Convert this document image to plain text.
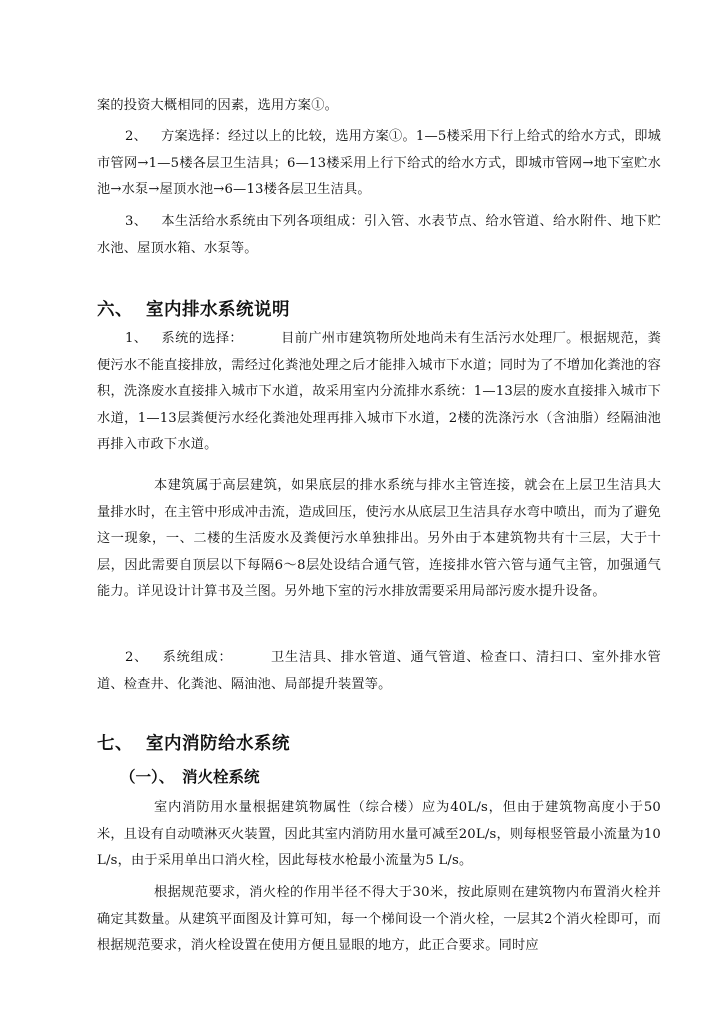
案的投资大概相同的因素，选用方案①。

2、 方案选择：经过以上的比较，选用方案①。1—5楼采用下行上给式的给水方式，即城市管网→1—5楼各层卫生洁具；6—13楼采用上行下给式的给水方式，即城市管网→地下室贮水池→水泵→屋顶水池→6—13楼各层卫生洁具。

3、 本生活给水系统由下列各项组成：引入管、水表节点、给水管道、给水附件、地下贮水池、屋顶水箱、水泵等。

六、 室内排水系统说明

1、 系统的选择：	目前广州市建筑物所处地尚未有生活污水处理厂。根据规范，粪便污水不能直接排放，需经过化粪池处理之后才能排入城市下水道；同时为了不增加化粪池的容积，洗涤废水直接排入城市下水道，故采用室内分流排水系统：1—13层的废水直接排入城市下水道，1—13层粪便污水经化粪池处理再排入城市下水道，2楼的洗涤污水（含油脂）经隔油池再排入市政下水道。

本建筑属于高层建筑，如果底层的排水系统与排水主管连接，就会在上层卫生洁具大量排水时，在主管中形成冲击流，造成回压，使污水从底层卫生洁具存水弯中喷出，而为了避免这一现象，一、二楼的生活废水及粪便污水单独排出。另外由于本建筑物共有十三层，大于十层，因此需要自顶层以下每隔6～8层处设结合通气管，连接排水管六管与通气主管，加强通气能力。详见设计计算书及兰图。另外地下室的污水排放需要采用局部污废水提升设备。

2、 系统组成：	卫生洁具、排水管道、通气管道、检查口、清扫口、室外排水管道、检查井、化粪池、隔油池、局部提升装置等。

七、 室内消防给水系统
（一）、 消火栓系统

室内消防用水量根据建筑物属性（综合楼）应为40L/s，但由于建筑物高度小于50米，且设有自动喷淋灭火装置，因此其室内消防用水量可减至20L/s，则每根竖管最小流量为10 L/s，由于采用单出口消火栓，因此每枝水枪最小流量为5 L/s。

根据规范要求，消火栓的作用半径不得大于30米，按此原则在建筑物内布置消火栓并确定其数量。从建筑平面图及计算可知，每一个梯间设一个消火栓，一层其2个消火栓即可，而根据规范要求，消火栓设置在使用方便且显眼的地方，此正合要求。同时应
